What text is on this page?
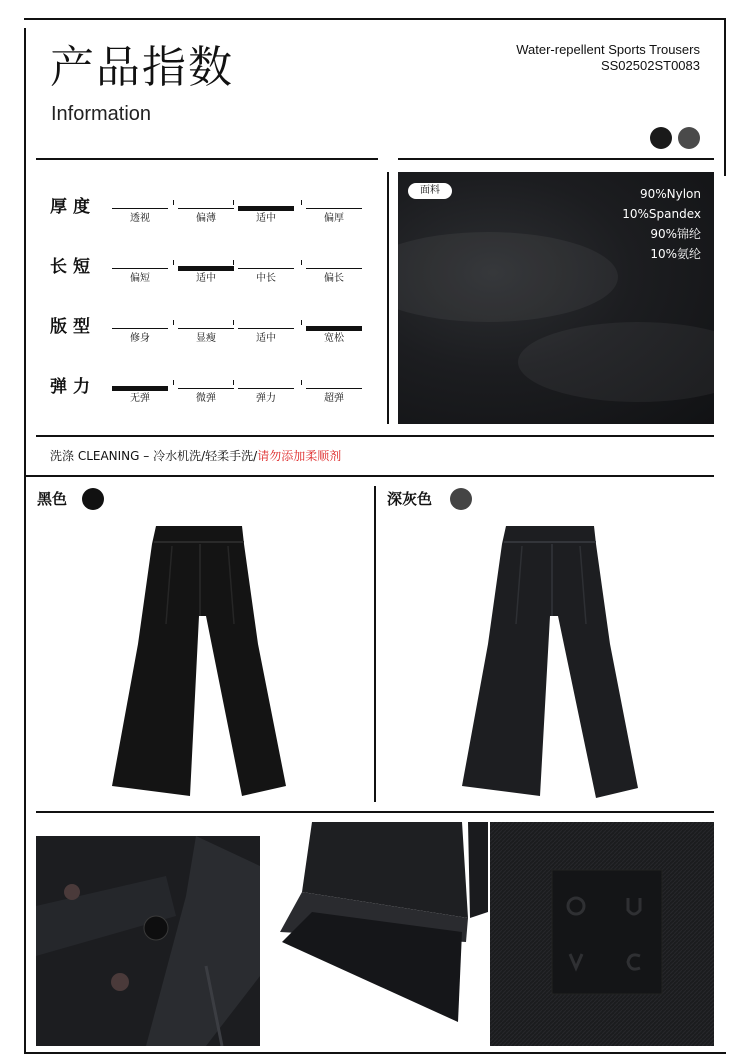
产品指数
Information
Water-repellent Sports Trousers
SS02502ST0083
厚度
透视	偏薄	适中	偏厚
长短
偏短	适中	中长	偏长
版型
修身	显瘦	适中	宽松
弹力
无弹	微弹	弹力	超弹
面料	90%Nylon
10%Spandex
90%锦纶
10%氨纶
洗涤 CLEANING – 冷水机洗/轻柔手洗/请勿添加柔顺剂
黑色	深灰色
